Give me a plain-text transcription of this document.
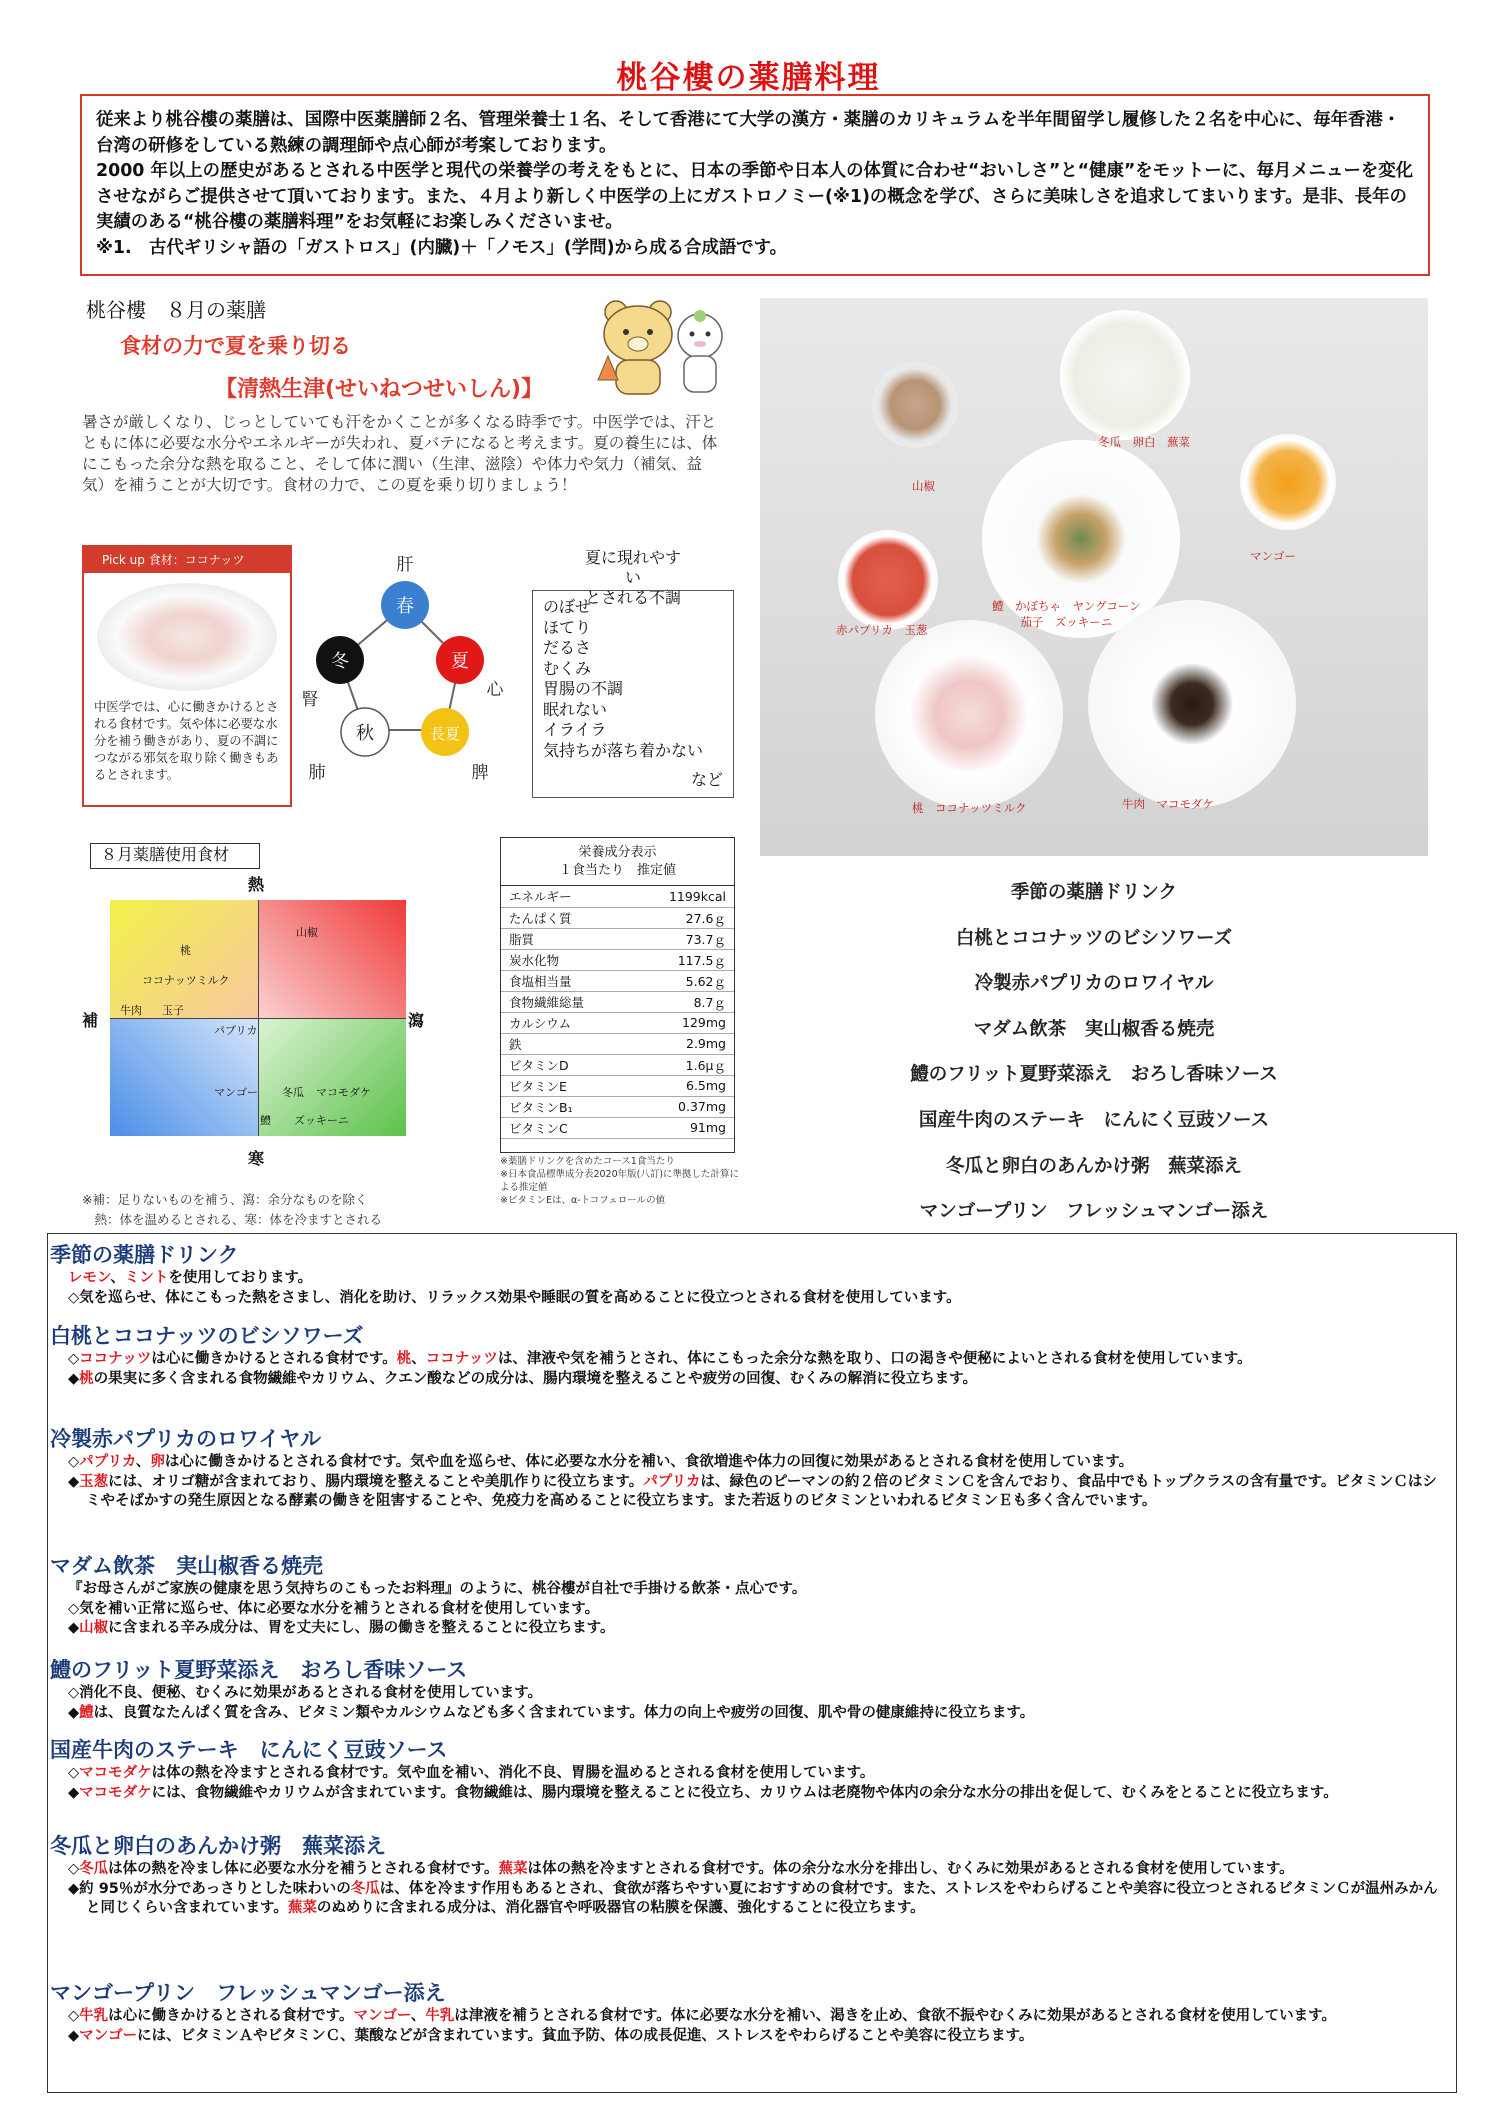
桃谷樓の薬膳料理

従来より桃谷樓の薬膳は、国際中医薬膳師２名、管理栄養士１名、そして香港にて大学の漢方・薬膳のカリキュラムを半年間留学し履修した２名を中心に、毎年香港・台湾の研修をしている熟練の調理師や点心師が考案しております。

2000 年以上の歴史があるとされる中医学と現代の栄養学の考えをもとに、日本の季節や日本人の体質に合わせ“おいしさ”と“健康”をモットーに、毎月メニューを変化させながらご提供させて頂いております。また、４月より新しく中医学の上にガストロノミー(※1)の概念を学び、さらに美味しさを追求してまいります。是非、長年の実績のある“桃谷樓の薬膳料理”をお気軽にお楽しみくださいませ。

※1.　古代ギリシャ語の「ガストロス」(内臓)＋「ノモス」(学問)から成る合成語です。

桃谷樓　８月の薬膳
食材の力で夏を乗り切る
【清熱生津(せいねつせいしん)】
暑さが厳しくなり、じっとしていても汗をかくことが多くなる時季です。中医学では、汗とともに体に必要な水分やエネルギーが失われ、夏バテになると考えます。夏の養生には、体にこもった余分な熱を取ること、そして体に潤い（生津、滋陰）や体力や気力（補気、益気）を補うことが大切です。食材の力で、この夏を乗り切りましょう！
Pick up 食材：ココナッツ
中医学では、心に働きかけるとされる食材です。気や体に必要な水分を補う働きがあり、夏の不調につながる邪気を取り除く働きもあるとされます。
春
夏
長夏
秋
冬
肝
心
脾
肺
腎
夏に現れやすい
とされる不調
のぼせ
ほてり
だるさ
むくみ
胃腸の不調
眠れない
イライラ
気持ちが落ち着かない
など
８月薬膳使用食材
熱
寒
補	瀉
桃
ココナッツミルク
牛肉 玉子
パプリカ
山椒
マンゴー 冬瓜 マコモダケ
鱧 ズッキーニ
※補：足りないものを補う、瀉：余分なものを除く
　熱：体を温めるとされる、寒：体を冷ますとされる
栄養成分表示
１食当たり　推定値
エネルギー	1199kcal
たんぱく質	27.6ｇ
脂質	73.7ｇ
炭水化物	117.5ｇ
食塩相当量	5.62ｇ
食物繊維総量	8.7ｇ
カルシウム	129mg
鉄	2.9mg
ビタミンD	1.6μｇ
ビタミンE	6.5mg
ビタミンB₁	0.37mg
ビタミンC	91mg
※薬膳ドリンクを含めたコース1食当たり
※日本食品標準成分表2020年版(八訂)に準拠した計算による推定値
※ビタミンEは、α-トコフェロールの値
山椒
冬瓜　卵白　蕪菜
マンゴー
赤パプリカ　玉葱
鱧　かぼちゃ　ヤングコーン
茄子　ズッキーニ
桃　ココナッツミルク	牛肉　マコモダケ
季節の薬膳ドリンク
白桃とココナッツのビシソワーズ
冷製赤パプリカのロワイヤル
マダム飲茶　実山椒香る焼売
鱧のフリット夏野菜添え　おろし香味ソース
国産牛肉のステーキ　にんにく豆豉ソース
冬瓜と卵白のあんかけ粥　蕪菜添え
マンゴープリン　フレッシュマンゴー添え
季節の薬膳ドリンク

レモン、ミントを使用しております。

◇気を巡らせ、体にこもった熱をさまし、消化を助け、リラックス効果や睡眠の質を高めることに役立つとされる食材を使用しています。

白桃とココナッツのビシソワーズ

◇ココナッツは心に働きかけるとされる食材です。桃、ココナッツは、津液や気を補うとされ、体にこもった余分な熱を取り、口の渇きや便秘によいとされる食材を使用しています。

◆桃の果実に多く含まれる食物繊維やカリウム、クエン酸などの成分は、腸内環境を整えることや疲労の回復、むくみの解消に役立ちます。

冷製赤パプリカのロワイヤル

◇パプリカ、卵は心に働きかけるとされる食材です。気や血を巡らせ、体に必要な水分を補い、食欲増進や体力の回復に効果があるとされる食材を使用しています。

◆玉葱には、オリゴ糖が含まれており、腸内環境を整えることや美肌作りに役立ちます。パプリカは、緑色のピーマンの約２倍のビタミンＣを含んでおり、食品中でもトップクラスの含有量です。ビタミンＣはシミやそばかすの発生原因となる酵素の働きを阻害することや、免疫力を高めることに役立ちます。また若返りのビタミンといわれるビタミンＥも多く含んでいます。

マダム飲茶　実山椒香る焼売

『お母さんがご家族の健康を思う気持ちのこもったお料理』のように、桃谷樓が自社で手掛ける飲茶・点心です。

◇気を補い正常に巡らせ、体に必要な水分を補うとされる食材を使用しています。

◆山椒に含まれる辛み成分は、胃を丈夫にし、腸の働きを整えることに役立ちます。

鱧のフリット夏野菜添え　おろし香味ソース

◇消化不良、便秘、むくみに効果があるとされる食材を使用しています。

◆鱧は、良質なたんぱく質を含み、ビタミン類やカルシウムなども多く含まれています。体力の向上や疲労の回復、肌や骨の健康維持に役立ちます。

国産牛肉のステーキ　にんにく豆豉ソース

◇マコモダケは体の熱を冷ますとされる食材です。気や血を補い、消化不良、胃腸を温めるとされる食材を使用しています。

◆マコモダケには、食物繊維やカリウムが含まれています。食物繊維は、腸内環境を整えることに役立ち、カリウムは老廃物や体内の余分な水分の排出を促して、むくみをとることに役立ちます。

冬瓜と卵白のあんかけ粥　蕪菜添え

◇冬瓜は体の熱を冷まし体に必要な水分を補うとされる食材です。蕪菜は体の熱を冷ますとされる食材です。体の余分な水分を排出し、むくみに効果があるとされる食材を使用しています。

◆約 95％が水分であっさりとした味わいの冬瓜は、体を冷ます作用もあるとされ、食欲が落ちやすい夏におすすめの食材です。また、ストレスをやわらげることや美容に役立つとされるビタミンＣが温州みかんと同じくらい含まれています。蕪菜のぬめりに含まれる成分は、消化器官や呼吸器官の粘膜を保護、強化することに役立ちます。

マンゴープリン　フレッシュマンゴー添え

◇牛乳は心に働きかけるとされる食材です。マンゴー、牛乳は津液を補うとされる食材です。体に必要な水分を補い、渇きを止め、食欲不振やむくみに効果があるとされる食材を使用しています。

◆マンゴーには、ビタミンＡやビタミンＣ、葉酸などが含まれています。貧血予防、体の成長促進、ストレスをやわらげることや美容に役立ちます。
